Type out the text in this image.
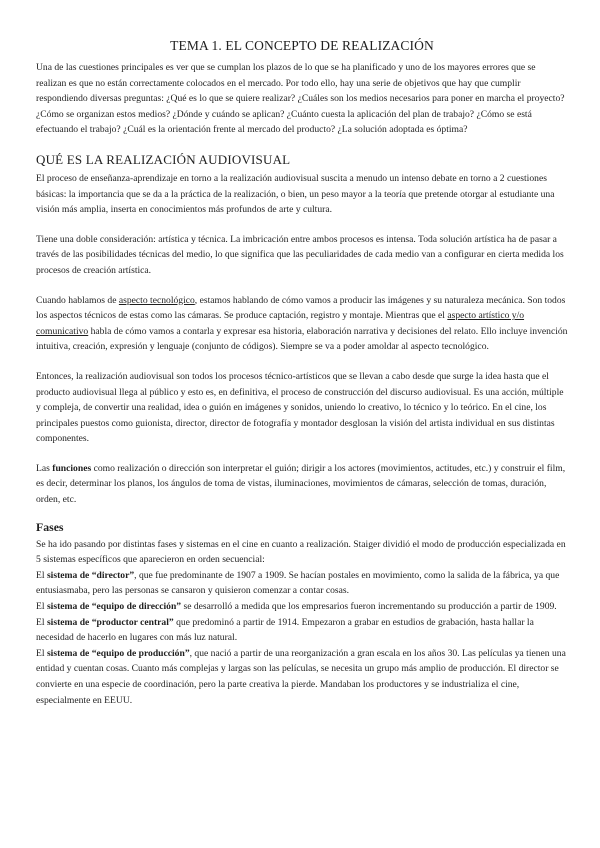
TEMA 1. EL CONCEPTO DE REALIZACIÓN

Una de las cuestiones principales es ver que se cumplan los plazos de lo que se ha planificado y uno de los mayores errores que se realizan es que no están correctamente colocados en el mercado. Por todo ello, hay una serie de objetivos que hay que cumplir respondiendo diversas preguntas: ¿Qué es lo que se quiere realizar? ¿Cuáles son los medios necesarios para poner en marcha el proyecto? ¿Cómo se organizan estos medios? ¿Dónde y cuándo se aplican? ¿Cuánto cuesta la aplicación del plan de trabajo? ¿Cómo se está efectuando el trabajo? ¿Cuál es la orientación frente al mercado del producto? ¿La solución adoptada es óptima?

QUÉ ES LA REALIZACIÓN AUDIOVISUAL

El proceso de enseñanza-aprendizaje en torno a la realización audiovisual suscita a menudo un intenso debate en torno a 2 cuestiones básicas: la importancia que se da a la práctica de la realización, o bien, un peso mayor a la teoría que pretende otorgar al estudiante una visión más amplia, inserta en conocimientos más profundos de arte y cultura.

Tiene una doble consideración: artística y técnica. La imbricación entre ambos procesos es intensa. Toda solución artística ha de pasar a través de las posibilidades técnicas del medio, lo que significa que las peculiaridades de cada medio van a configurar en cierta medida los procesos de creación artística.

Cuando hablamos de aspecto tecnológico, estamos hablando de cómo vamos a producir las imágenes y su naturaleza mecánica. Son todos los aspectos técnicos de estas como las cámaras. Se produce captación, registro y montaje. Mientras que el aspecto artístico y/o comunicativo habla de cómo vamos a contarla y expresar esa historia, elaboración narrativa y decisiones del relato. Ello incluye invención intuitiva, creación, expresión y lenguaje (conjunto de códigos). Siempre se va a poder amoldar al aspecto tecnológico.

Entonces, la realización audiovisual son todos los procesos técnico-artísticos que se llevan a cabo desde que surge la idea hasta que el producto audiovisual llega al público y esto es, en definitiva, el proceso de construcción del discurso audiovisual. Es una acción, múltiple y compleja, de convertir una realidad, idea o guión en imágenes y sonidos, uniendo lo creativo, lo técnico y lo teórico. En el cine, los principales puestos como guionista, director, director de fotografía y montador desglosan la visión del artista individual en sus distintas componentes.

Las funciones como realización o dirección son interpretar el guión; dirigir a los actores (movimientos, actitudes, etc.) y construir el film, es decir, determinar los planos, los ángulos de toma de vistas, iluminaciones, movimientos de cámaras, selección de tomas, duración, orden, etc.

Fases

Se ha ido pasando por distintas fases y sistemas en el cine en cuanto a realización. Staiger dividió el modo de producción especializada en 5 sistemas específicos que aparecieron en orden secuencial:

El sistema de “director”, que fue predominante de 1907 a 1909. Se hacían postales en movimiento, como la salida de la fábrica, ya que entusiasmaba, pero las personas se cansaron y quisieron comenzar a contar cosas.

El sistema de “equipo de dirección” se desarrolló a medida que los empresarios fueron incrementando su producción a partir de 1909.

El sistema de “productor central” que predominó a partir de 1914. Empezaron a grabar en estudios de grabación, hasta hallar la necesidad de hacerlo en lugares con más luz natural.

El sistema de “equipo de producción”, que nació a partir de una reorganización a gran escala en los años 30. Las películas ya tienen una entidad y cuentan cosas. Cuanto más complejas y largas son las películas, se necesita un grupo más amplio de producción. El director se convierte en una especie de coordinación, pero la parte creativa la pierde. Mandaban los productores y se industrializa el cine, especialmente en EEUU.
